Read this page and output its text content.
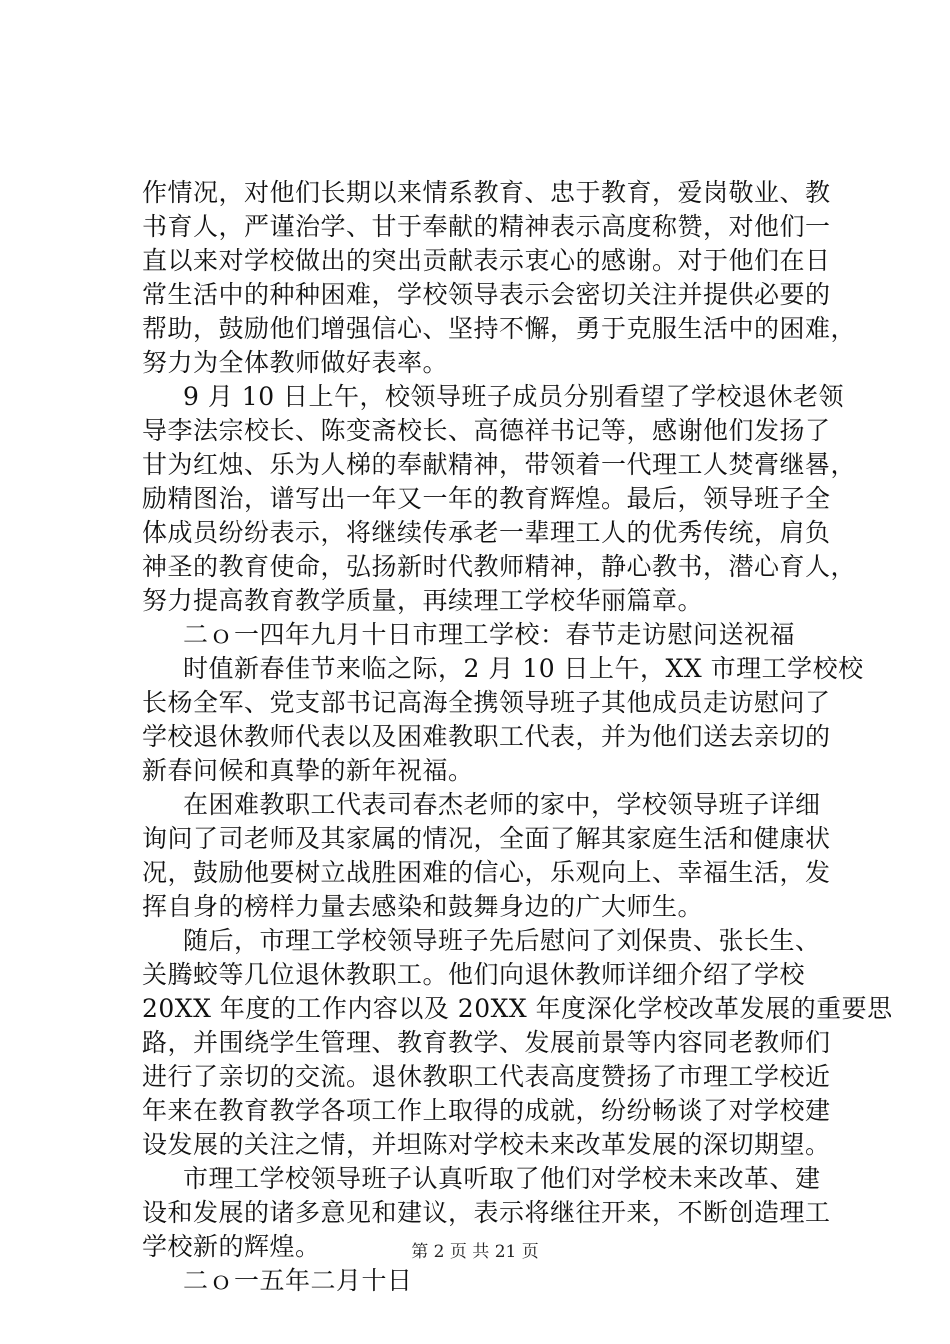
作情况，对他们长期以来情系教育、忠于教育，爱岗敬业、教
书育人，严谨治学、甘于奉献的精神表示高度称赞，对他们一
直以来对学校做出的突出贡献表示衷心的感谢。对于他们在日
常生活中的种种困难，学校领导表示会密切关注并提供必要的
帮助，鼓励他们增强信心、坚持不懈，勇于克服生活中的困难，
努力为全体教师做好表率。
9 月 10 日上午，校领导班子成员分别看望了学校退休老领
导李法宗校长、陈变斋校长、高德祥书记等，感谢他们发扬了
甘为红烛、乐为人梯的奉献精神，带领着一代理工人焚膏继晷，
励精图治，谱写出一年又一年的教育辉煌。最后，领导班子全
体成员纷纷表示，将继续传承老一辈理工人的优秀传统，肩负
神圣的教育使命，弘扬新时代教师精神，静心教书，潜心育人，
努力提高教育教学质量，再续理工学校华丽篇章。
二ｏ一四年九月十日市理工学校：春节走访慰问送祝福
时值新春佳节来临之际，2 月 10 日上午，XX 市理工学校校
长杨全军、党支部书记高海全携领导班子其他成员走访慰问了
学校退休教师代表以及困难教职工代表，并为他们送去亲切的
新春问候和真挚的新年祝福。
在困难教职工代表司春杰老师的家中，学校领导班子详细
询问了司老师及其家属的情况，全面了解其家庭生活和健康状
况，鼓励他要树立战胜困难的信心，乐观向上、幸福生活，发
挥自身的榜样力量去感染和鼓舞身边的广大师生。
随后，市理工学校领导班子先后慰问了刘保贵、张长生、
关腾蛟等几位退休教职工。他们向退休教师详细介绍了学校
20XX 年度的工作内容以及 20XX 年度深化学校改革发展的重要思
路，并围绕学生管理、教育教学、发展前景等内容同老教师们
进行了亲切的交流。退休教职工代表高度赞扬了市理工学校近
年来在教育教学各项工作上取得的成就，纷纷畅谈了对学校建
设发展的关注之情，并坦陈对学校未来改革发展的深切期望。
市理工学校领导班子认真听取了他们对学校未来改革、建
设和发展的诸多意见和建议，表示将继往开来，不断创造理工
学校新的辉煌。
二ｏ一五年二月十日
第 2 页 共 21 页
